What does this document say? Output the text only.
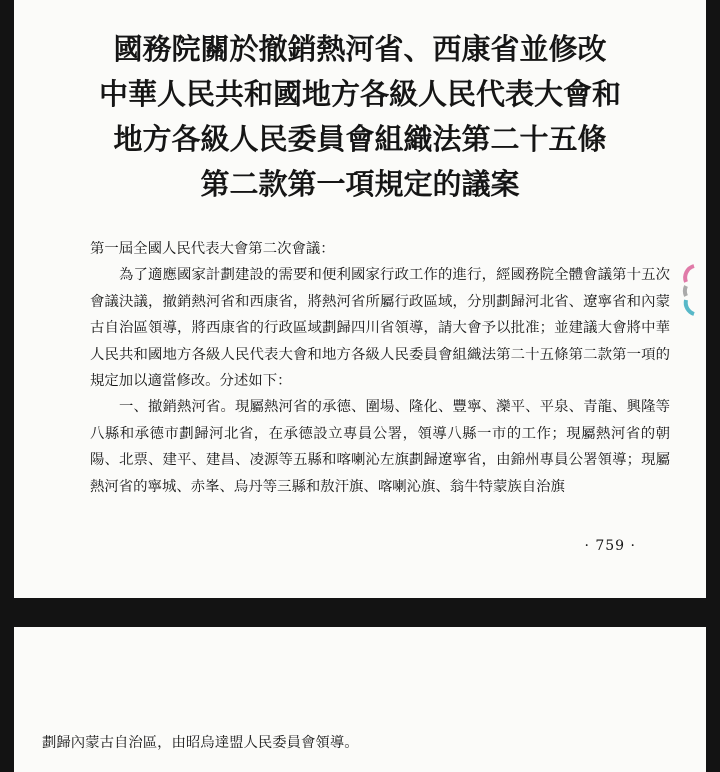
國務院關於撤銷熱河省、西康省並修改
中華人民共和國地方各級人民代表大會和
地方各級人民委員會組織法第二十五條
第二款第一項規定的議案

第一屆全國人民代表大會第二次會議：

為了適應國家計劃建設的需要和便利國家行政工作的進行，經國務院全體會議第十五次會議決議，撤銷熱河省和西康省，將熱河省所屬行政區域，分別劃歸河北省、遼寧省和內蒙古自治區領導，將西康省的行政區域劃歸四川省領導，請大會予以批准；並建議大會將中華人民共和國地方各級人民代表大會和地方各級人民委員會組織法第二十五條第二款第一項的規定加以適當修改。分述如下：

一、撤銷熱河省。現屬熱河省的承德、圍場、隆化、豐寧、灤平、平泉、青龍、興隆等八縣和承德市劃歸河北省，在承德設立專員公署，領導八縣一市的工作；現屬熱河省的朝陽、北票、建平、建昌、凌源等五縣和喀喇沁左旗劃歸遼寧省，由錦州專員公署領導；現屬熱河省的寧城、赤峯、烏丹等三縣和敖汗旗、喀喇沁旗、翁牛特蒙族自治旗

· 759 ·
劃歸內蒙古自治區，由昭烏達盟人民委員會領導。
